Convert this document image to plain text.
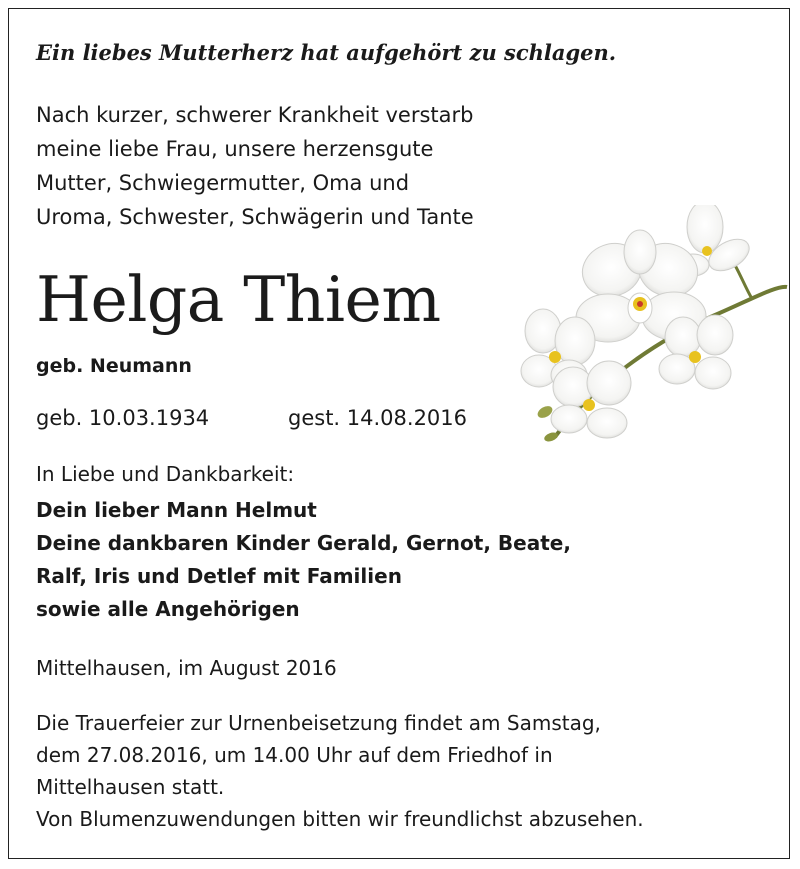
Ein liebes Mutterherz hat aufgehört zu schlagen.
Nach kurzer, schwerer Krankheit verstarb
meine liebe Frau, unsere herzensgute
Mutter, Schwiegermutter, Oma und
Uroma, Schwester, Schwägerin und Tante
Helga Thiem
geb. Neumann
geb. 10.03.1934	gest. 14.08.2016
In Liebe und Dankbarkeit:
Dein lieber Mann Helmut
Deine dankbaren Kinder Gerald, Gernot, Beate,
Ralf, Iris und Detlef mit Familien
sowie alle Angehörigen
Mittelhausen, im August 2016
Die Trauerfeier zur Urnenbeisetzung findet am Samstag,
dem 27.08.2016, um 14.00 Uhr auf dem Friedhof in
Mittelhausen statt.
Von Blumenzuwendungen bitten wir freundlichst abzusehen.
